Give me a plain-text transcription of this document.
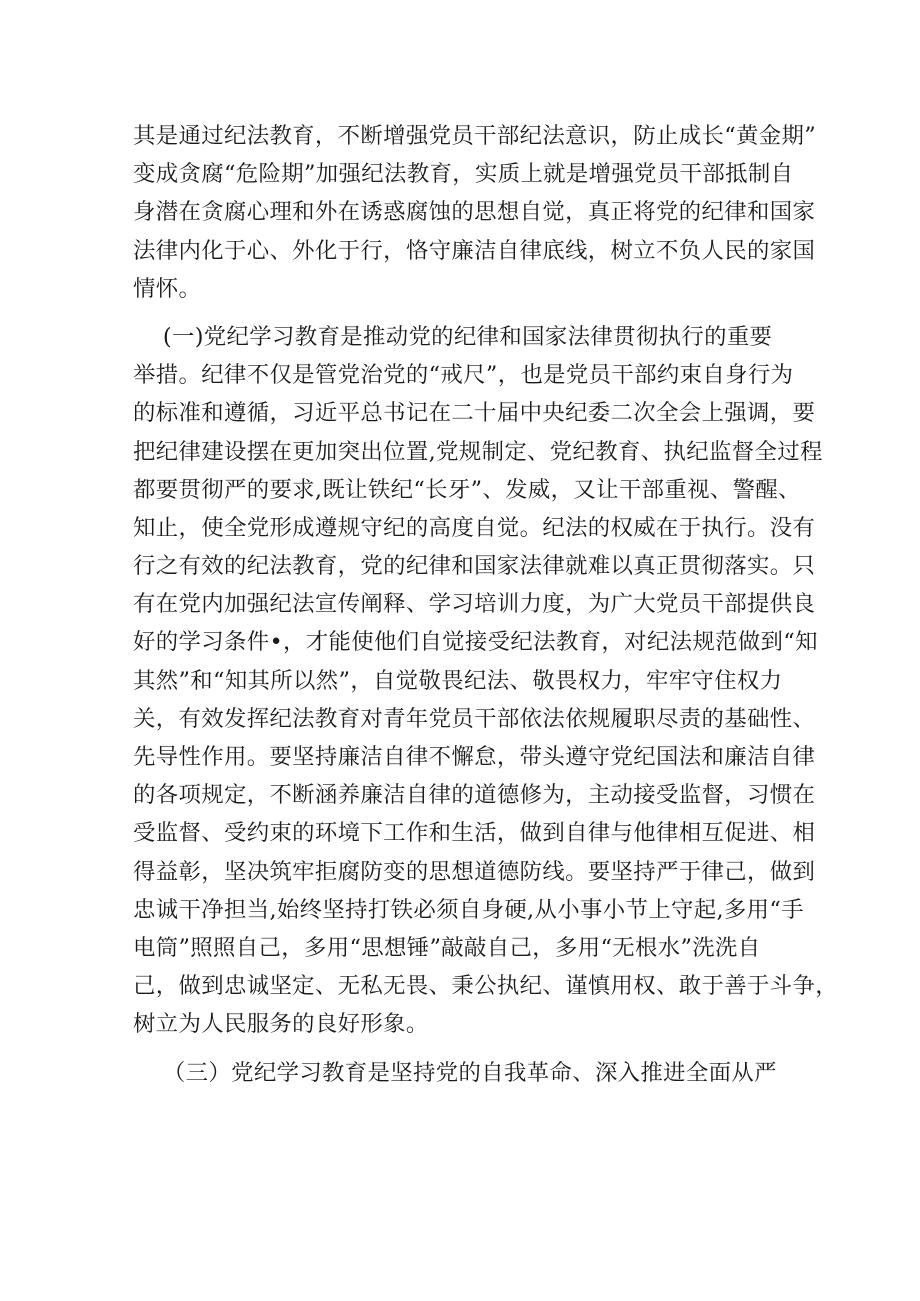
其是通过纪法教育，不断增强党员干部纪法意识，防止成长“黄金期”
变成贪腐“危险期”加强纪法教育，实质上就是增强党员干部抵制自
身潜在贪腐心理和外在诱惑腐蚀的思想自觉，真正将党的纪律和国家
法律内化于心、外化于行，恪守廉洁自律底线，树立不负人民的家国
情怀。
(一)党纪学习教育是推动党的纪律和国家法律贯彻执行的重要
举措。纪律不仅是管党治党的“戒尺”，也是党员干部约束自身行为
的标准和遵循，习近平总书记在二十届中央纪委二次全会上强调，要
把纪律建设摆在更加突出位置,党规制定、党纪教育、执纪监督全过程
都要贯彻严的要求,既让铁纪“长牙”、发威，又让干部重视、警醒、
知止，使全党形成遵规守纪的高度自觉。纪法的权威在于执行。没有
行之有效的纪法教育，党的纪律和国家法律就难以真正贯彻落实。只
有在党内加强纪法宣传阐释、学习培训力度，为广大党员干部提供良
好的学习条件•，才能使他们自觉接受纪法教育，对纪法规范做到“知
其然”和“知其所以然”，自觉敬畏纪法、敬畏权力，牢牢守住权力
关，有效发挥纪法教育对青年党员干部依法依规履职尽责的基础性、
先导性作用。要坚持廉洁自律不懈怠，带头遵守党纪国法和廉洁自律
的各项规定，不断涵养廉洁自律的道德修为，主动接受监督，习惯在
受监督、受约束的环境下工作和生活，做到自律与他律相互促进、相
得益彰，坚决筑牢拒腐防变的思想道德防线。要坚持严于律己，做到
忠诚干净担当,始终坚持打铁必须自身硬,从小事小节上守起,多用“手
电筒”照照自己，多用“思想锤”敲敲自己，多用“无根水”洗洗自
己，做到忠诚坚定、无私无畏、秉公执纪、谨慎用权、敢于善于斗争，
树立为人民服务的良好形象。
（三）党纪学习教育是坚持党的自我革命、深入推进全面从严
